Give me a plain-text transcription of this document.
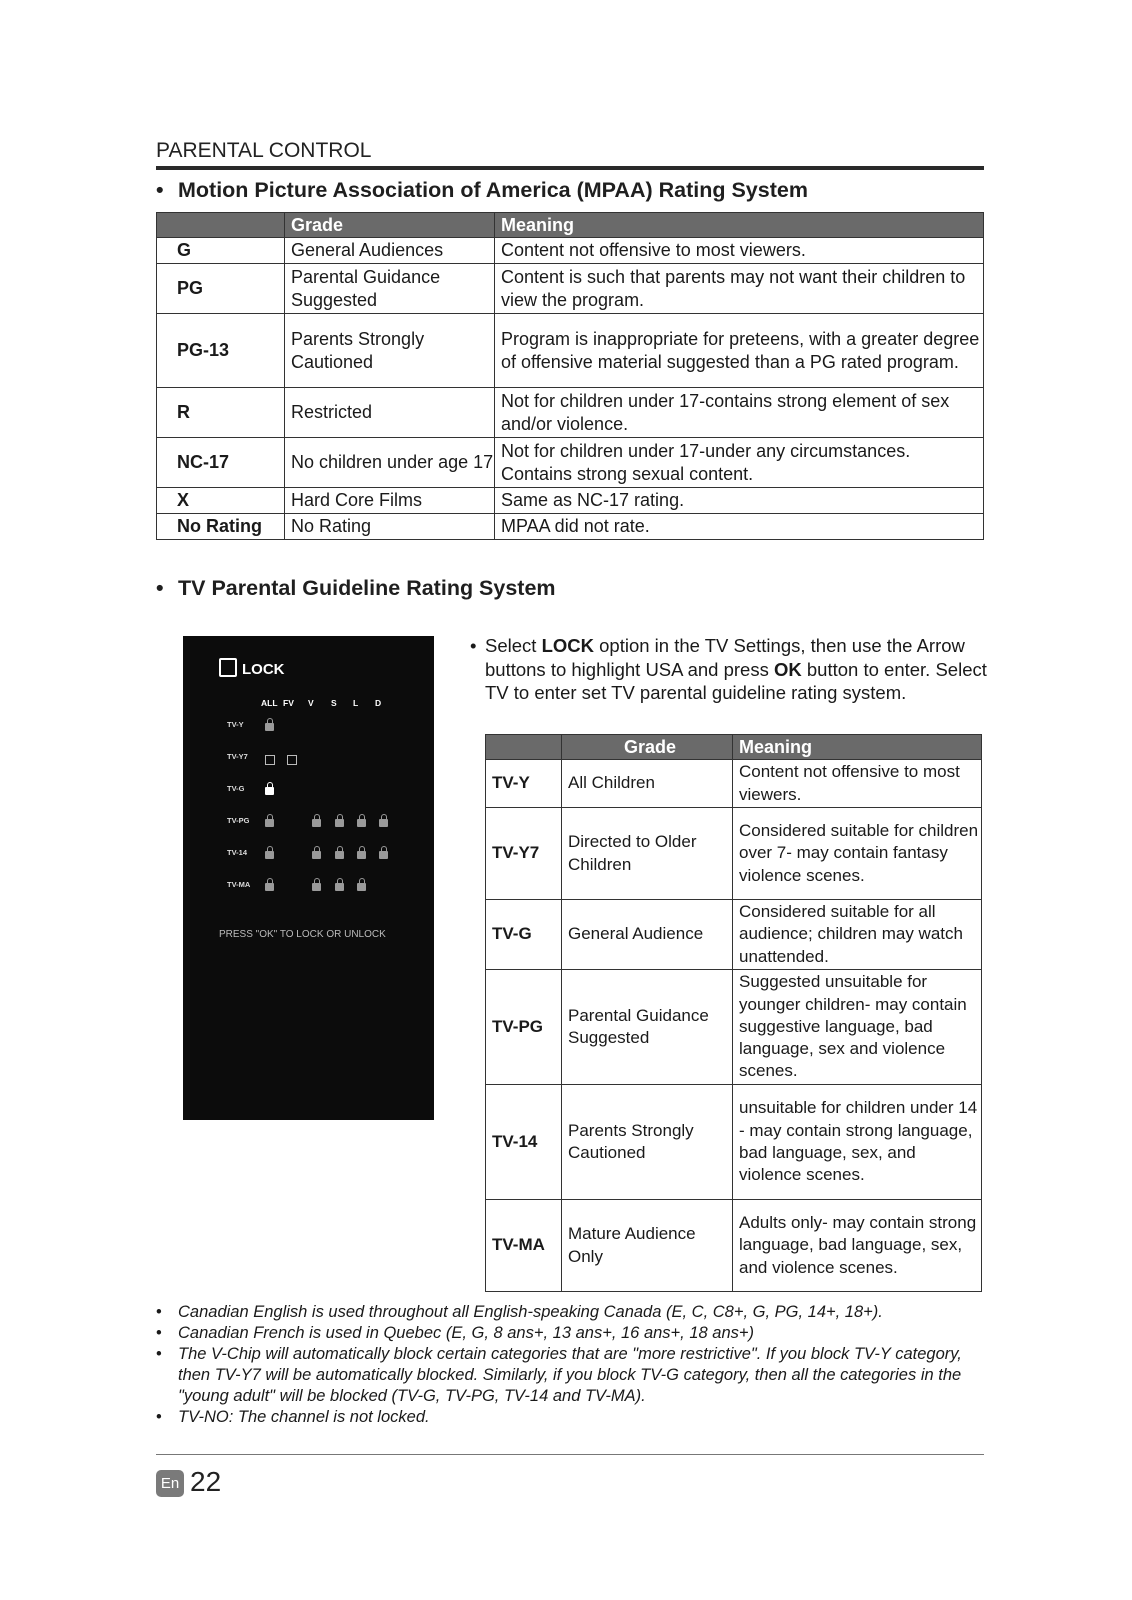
PARENTAL CONTROL
• Motion Picture Association of America (MPAA) Rating System
	Grade	Meaning
G	General Audiences	Content not offensive to most viewers.
PG	Parental Guidance Suggested	Content is such that parents may not want their children to view the program.
PG-13	Parents Strongly Cautioned	Program is inappropriate for preteens, with a greater degree of offensive material suggested than a PG rated program.
R	Restricted	Not for children under 17-contains strong element of sex and/or violence.
NC-17	No children under age 17	Not for children under 17-under any circumstances. Contains strong sexual content.
X	Hard Core Films	Same as NC-17 rating.
No Rating	No Rating	MPAA did not rate.
• TV Parental Guideline Rating System
LOCK
ALL FV V S L D
TV-Y
TV-Y7
TV-G
TV-PG
TV-14
TV-MA
PRESS "OK" TO LOCK OR UNLOCK
• Select LOCK option in the TV Settings, then use the Arrow buttons to highlight USA and press OK button to enter. Select TV to enter set TV parental guideline rating system.
	Grade	Meaning
TV-Y	All Children	Content not offensive to most viewers.
TV-Y7	Directed to Older Children	Considered suitable for children over 7- may contain fantasy violence scenes.
TV-G	General Audience	Considered suitable for all audience; children may watch unattended.
TV-PG	Parental Guidance Suggested	Suggested unsuitable for younger children- may contain suggestive language, bad language, sex and violence scenes.
TV-14	Parents Strongly Cautioned	unsuitable for children under 14 - may contain strong language, bad language, sex, and violence scenes.
TV-MA	Mature Audience Only	Adults only- may contain strong language, bad language, sex, and violence scenes.
• Canadian English is used throughout all English-speaking Canada (E, C, C8+, G, PG, 14+, 18+).
• Canadian French is used in Quebec (E, G, 8 ans+, 13 ans+, 16 ans+, 18 ans+)
• The V-Chip will automatically block certain categories that are "more restrictive". If you block TV-Y category, then TV-Y7 will be automatically blocked. Similarly, if you block TV-G category, then all the categories in the "young adult" will be blocked (TV-G, TV-PG, TV-14 and TV-MA).
• TV-NO: The channel is not locked.
En 22
